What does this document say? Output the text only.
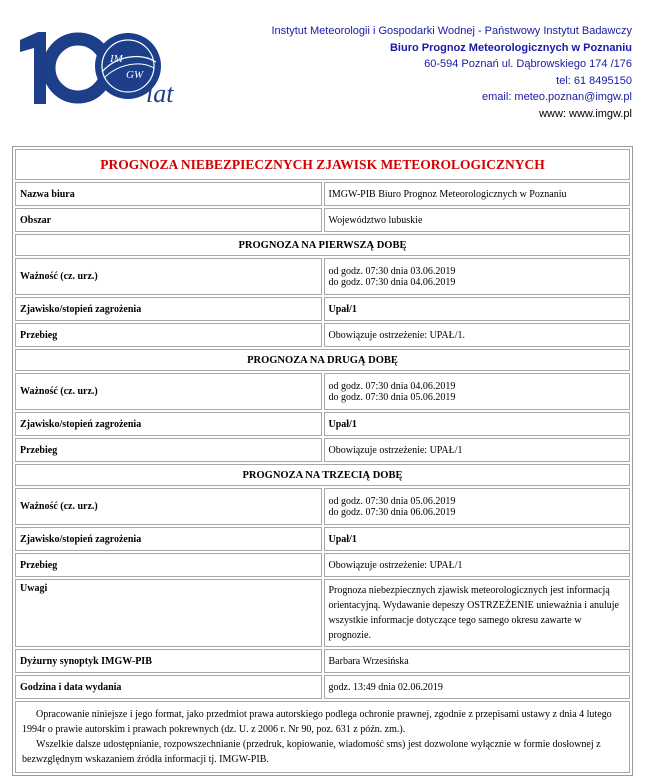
IM
GW
lat
Instytut Meteorologii i Gospodarki Wodnej - Państwowy Instytut Badawczy
Biuro Prognoz Meteorologicznych w Poznaniu
60-594 Poznań ul. Dąbrowskiego 174 /176
tel: 61 8495150
email: meteo.poznan@imgw.pl
www: www.imgw.pl
PROGNOZA NIEBEZPIECZNYCH ZJAWISK METEOROLOGICZNYCH	
Nazwa biura	IMGW-PIB Biuro Prognoz Meteorologicznych w Poznaniu
Obszar	Województwo lubuskie
PROGNOZA NA PIERWSZĄ DOBĘ	
Ważność (cz. urz.)	od godz. 07:30 dnia 03.06.2019
do godz. 07:30 dnia 04.06.2019

Zjawisko/stopień zagrożenia	Upał/1
Przebieg	Obowiązuje ostrzeżenie: UPAŁ/1.
PROGNOZA NA DRUGĄ DOBĘ	
Ważność (cz. urz.)	od godz. 07:30 dnia 04.06.2019
do godz. 07:30 dnia 05.06.2019

Zjawisko/stopień zagrożenia	Upał/1
Przebieg	Obowiązuje ostrzeżenie: UPAŁ/1
PROGNOZA NA TRZECIĄ DOBĘ	
Ważność (cz. urz.)	od godz. 07:30 dnia 05.06.2019
do godz. 07:30 dnia 06.06.2019

Zjawisko/stopień zagrożenia	Upał/1
Przebieg	Obowiązuje ostrzeżenie: UPAŁ/1
Uwagi	Prognoza niebezpiecznych zjawisk meteorologicznych jest informacją orientacyjną. Wydawanie depeszy OSTRZEŻENIE unieważnia i anuluje wszystkie informacje dotyczące tego samego okresu zawarte w prognozie.
Dyżurny synoptyk IMGW-PIB	Barbara Wrzesińska
Godzina i data wydania	godz. 13:49 dnia 02.06.2019

Opracowanie niniejsze i jego format, jako przedmiot prawa autorskiego podlega ochronie prawnej, zgodnie z przepisami ustawy z dnia 4 lutego 1994r o prawie autorskim i prawach pokrewnych (dz. U. z 2006 r. Nr 90, poz. 631 z późn. zm.).

Wszelkie dalsze udostępnianie, rozpowszechnianie (przedruk, kopiowanie, wiadomość sms) jest dozwolone wyłącznie w formie dosłownej z bezwzględnym wskazaniem źródła informacji tj. IMGW-PIB.	
